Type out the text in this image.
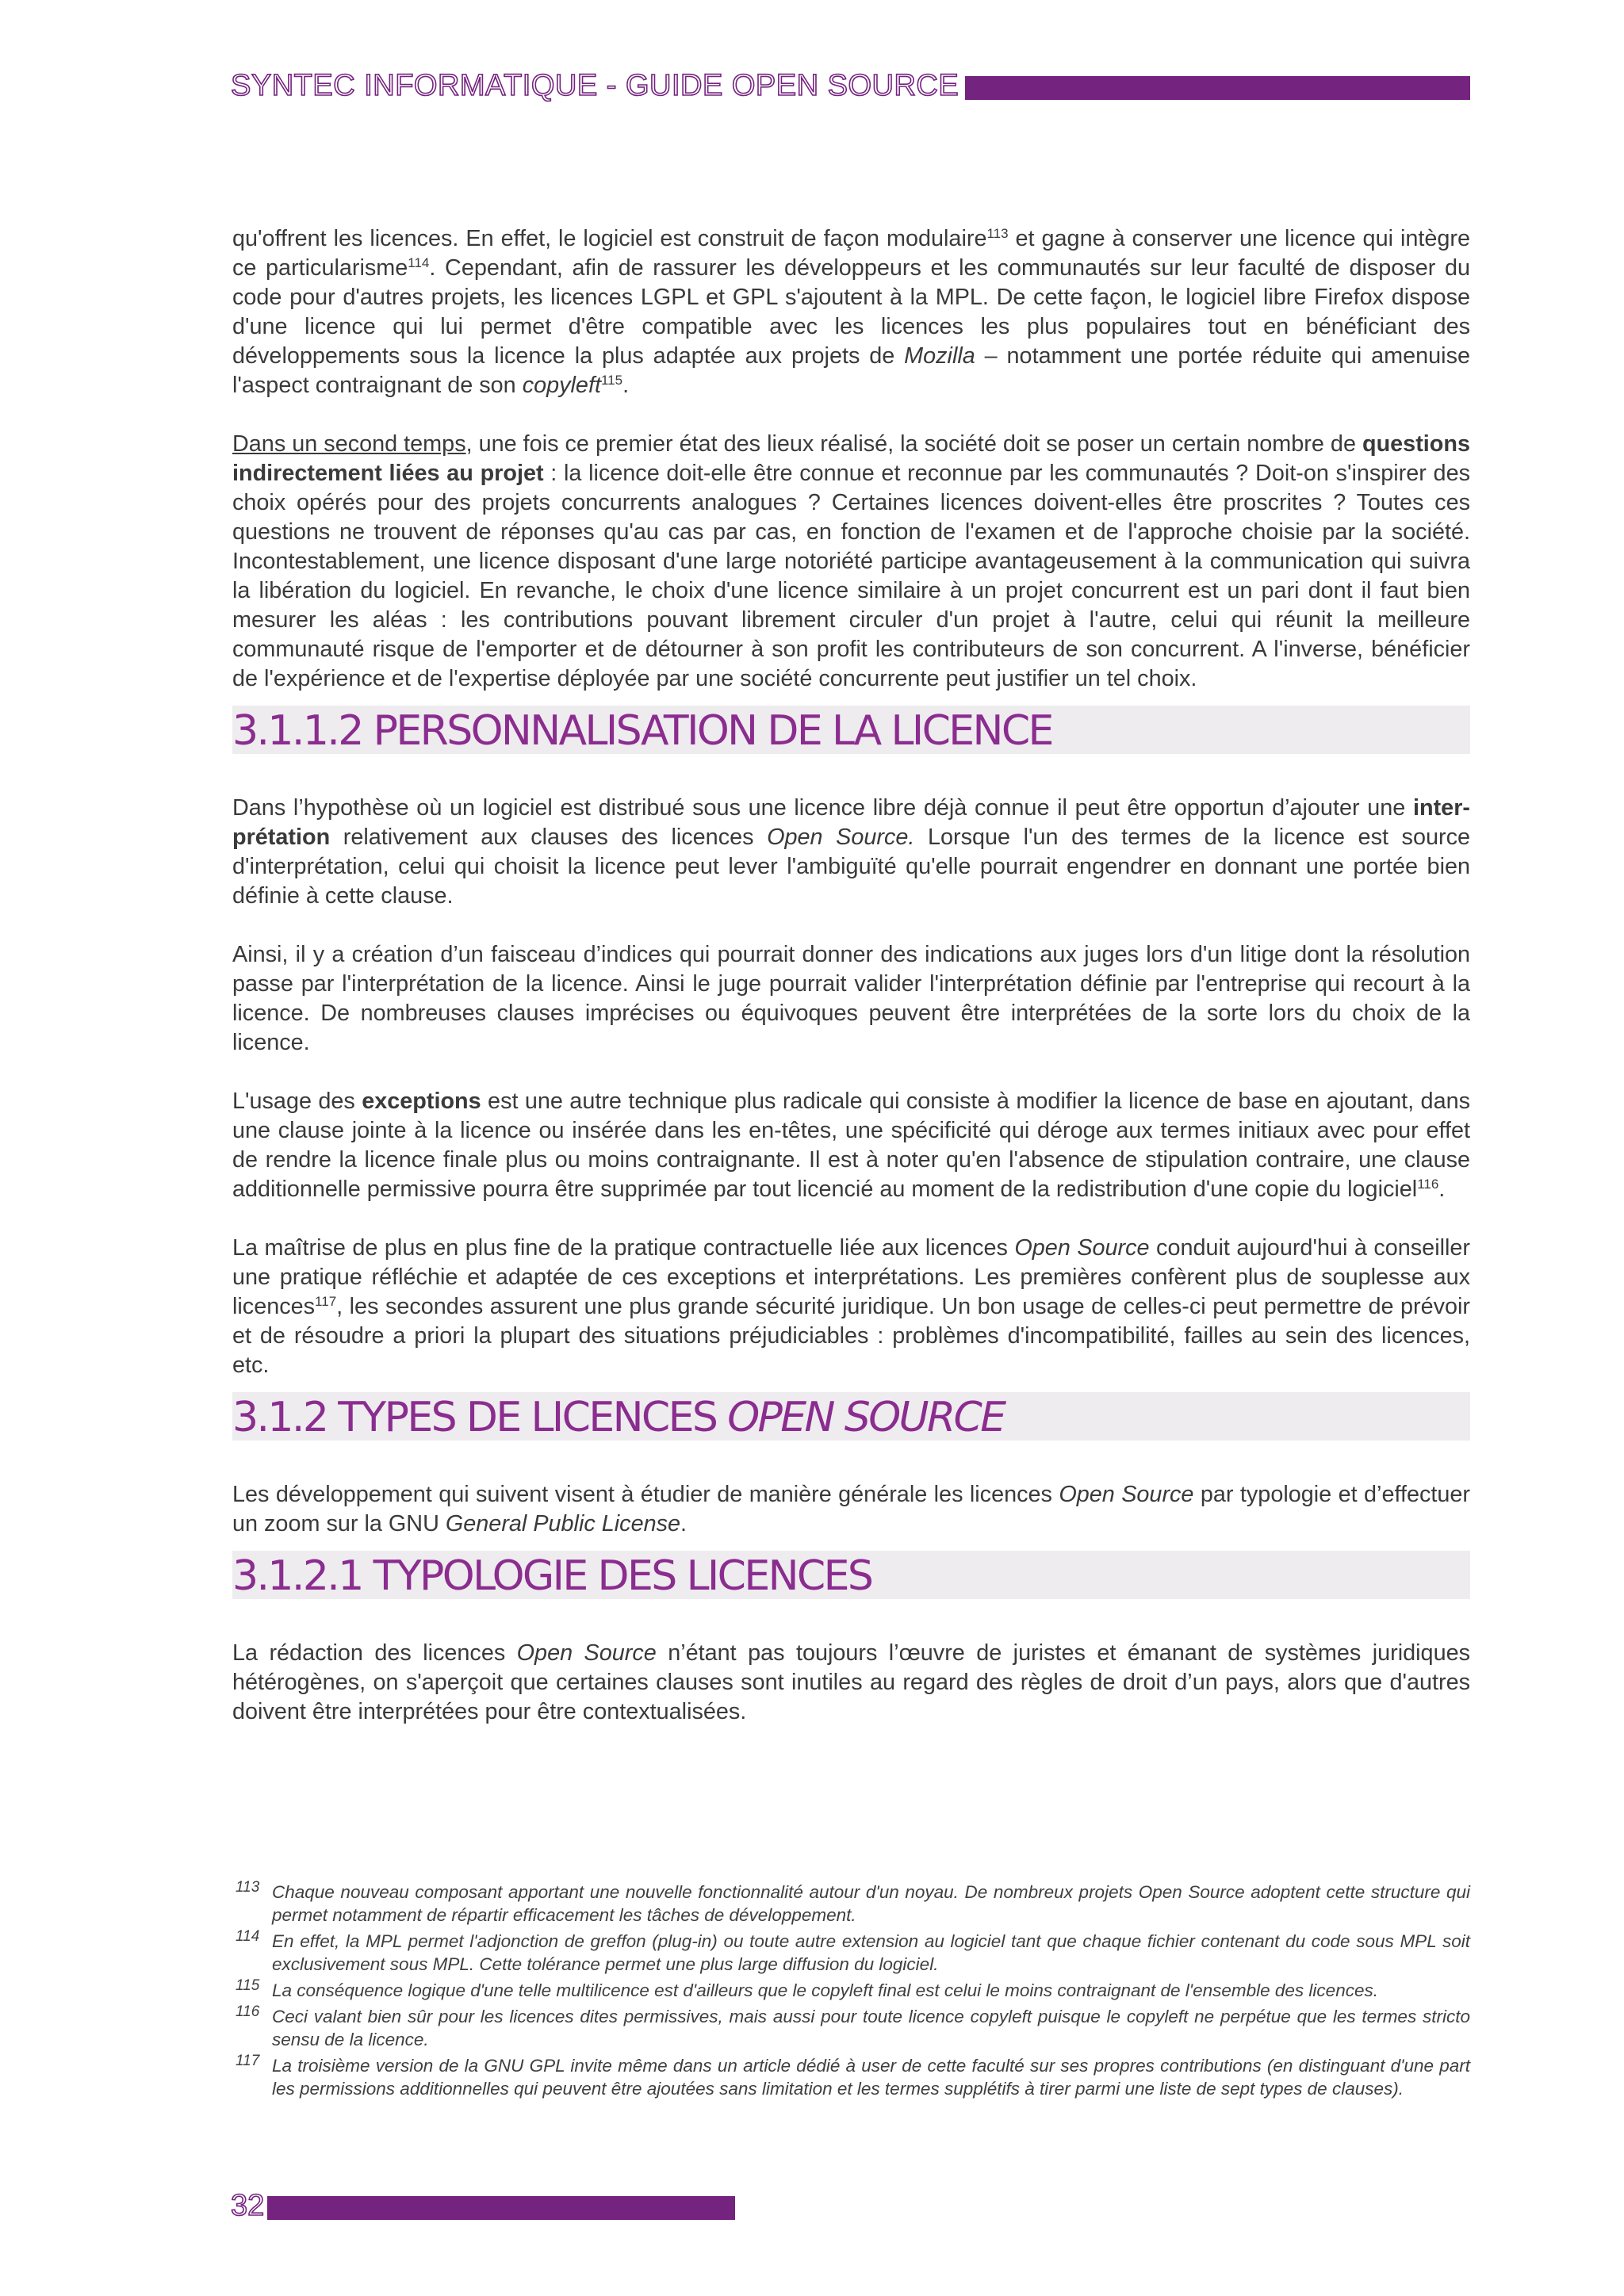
SYNTEC INFORMATIQUE - GUIDE OPEN SOURCE

qu'offrent les licences. En effet, le logiciel est construit de façon modulaire$^{113}$ et gagne à conserver une licence qui intègre ce particularisme$^{114}$. Cependant, afin de rassurer les développeurs et les communautés sur leur faculté de disposer du code pour d'autres projets, les licences LGPL et GPL s'ajoutent à la MPL. De cette façon, le logiciel libre Firefox dispose d'une licence qui lui permet d'être compatible avec les licences les plus populaires tout en bénéficiant des développements sous la licence la plus adaptée aux projets de Mozilla – notamment une portée réduite qui amenuise l'aspect contraignant de son copyleft$^{115}$.

Dans un second temps, une fois ce premier état des lieux réalisé, la société doit se poser un certain nombre de questions indirectement liées au projet : la licence doit-elle être connue et reconnue par les communautés ? Doit-on s'inspirer des choix opérés pour des projets concurrents analogues ? Certaines licences doivent-elles être proscrites ? Toutes ces questions ne trouvent de réponses qu'au cas par cas, en fonction de l'examen et de l'approche choisie par la société. Incontestablement, une licence disposant d'une large notoriété participe avantageusement à la communication qui suivra la libération du logiciel. En revanche, le choix d'une licence similaire à un projet concurrent est un pari dont il faut bien mesurer les aléas : les contributions pouvant librement circuler d'un projet à l'autre, celui qui réunit la meilleure communauté risque de l'emporter et de détourner à son profit les contributeurs de son concurrent. A l'inverse, bénéficier de l'expérience et de l'expertise déployée par une société concurrente peut justifier un tel choix.

3.1.1.2 PERSONNALISATION DE LA LICENCE

Dans l’hypothèse où un logiciel est distribué sous une licence libre déjà connue il peut être opportun d’ajouter une inter-prétation relativement aux clauses des licences Open Source. Lorsque l'un des termes de la licence est source d'interprétation, celui qui choisit la licence peut lever l'ambiguïté qu'elle pourrait engendrer en donnant une portée bien définie à cette clause.

Ainsi, il y a création d’un faisceau d’indices qui pourrait donner des indications aux juges lors d'un litige dont la résolution passe par l'interprétation de la licence. Ainsi le juge pourrait valider l'interprétation définie par l'entreprise qui recourt à la licence. De nombreuses clauses imprécises ou équivoques peuvent être interprétées de la sorte lors du choix de la licence.

L'usage des exceptions est une autre technique plus radicale qui consiste à modifier la licence de base en ajoutant, dans une clause jointe à la licence ou insérée dans les en-têtes, une spécificité qui déroge aux termes initiaux avec pour effet de rendre la licence finale plus ou moins contraignante. Il est à noter qu'en l'absence de stipulation contraire, une clause additionnelle permissive pourra être supprimée par tout licencié au moment de la redistribution d'une copie du logiciel$^{116}$.

La maîtrise de plus en plus fine de la pratique contractuelle liée aux licences Open Source conduit aujourd'hui à conseiller une pratique réfléchie et adaptée de ces exceptions et interprétations. Les premières confèrent plus de souplesse aux licences$^{117}$, les secondes assurent une plus grande sécurité juridique. Un bon usage de celles-ci peut permettre de prévoir et de résoudre a priori la plupart des situations préjudiciables : problèmes d'incompatibilité, failles au sein des licences, etc.

3.1.2 TYPES DE LICENCES OPEN SOURCE

Les développement qui suivent visent à étudier de manière générale les licences Open Source par typologie et d’effectuer un zoom sur la GNU General Public License.

3.1.2.1 TYPOLOGIE DES LICENCES

La rédaction des licences Open Source n’étant pas toujours l’œuvre de juristes et émanant de systèmes juridiques hétérogènes, on s'aperçoit que certaines clauses sont inutiles au regard des règles de droit d’un pays, alors que d'autres doivent être interprétées pour être contextualisées.

113 Chaque nouveau composant apportant une nouvelle fonctionnalité autour d'un noyau. De nombreux projets Open Source adoptent cette structure qui permet notamment de répartir efficacement les tâches de développement.
114 En effet, la MPL permet l'adjonction de greffon (plug-in) ou toute autre extension au logiciel tant que chaque fichier contenant du code sous MPL soit exclusivement sous MPL. Cette tolérance permet une plus large diffusion du logiciel.
115 La conséquence logique d'une telle multilicence est d'ailleurs que le copyleft final est celui le moins contraignant de l'ensemble des licences.
116 Ceci valant bien sûr pour les licences dites permissives, mais aussi pour toute licence copyleft puisque le copyleft ne perpétue que les termes stricto sensu de la licence.
117 La troisième version de la GNU GPL invite même dans un article dédié à user de cette faculté sur ses propres contributions (en distinguant d'une part les permissions additionnelles qui peuvent être ajoutées sans limitation et les termes supplétifs à tirer parmi une liste de sept types de clauses).
32
